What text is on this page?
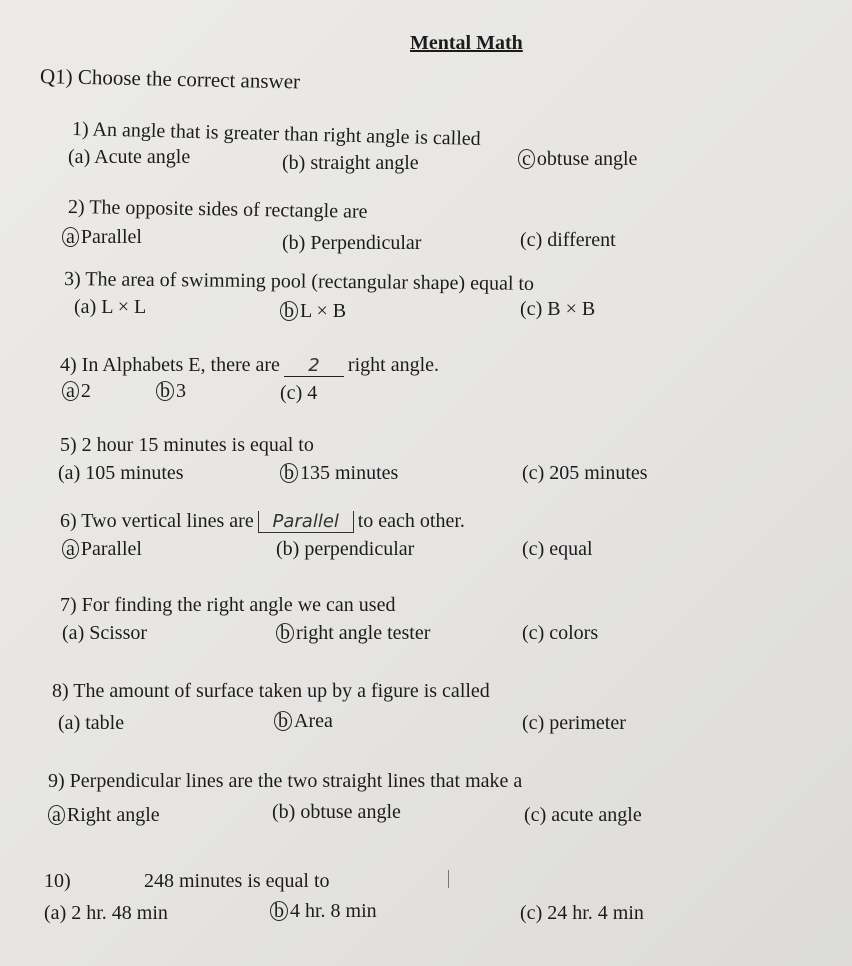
Mental Math
Q1) Choose the correct answer
1) An angle that is greater than right angle is called
(a) Acute angle	(b) straight angle	c obtuse angle
2) The opposite sides of rectangle are
a Parallel	(b) Perpendicular	(c) different
3) The area of swimming pool (rectangular shape) equal to
(a) L × L	b L × B	(c) B × B
4) In Alphabets E, there are 2 right angle.
a 2	b 3	(c) 4
5) 2 hour 15 minutes is equal to
(a) 105 minutes	b 135 minutes	(c) 205 minutes
6) Two vertical lines are Parallel to each other.
a Parallel	(b) perpendicular	(c) equal
7) For finding the right angle we can used
(a) Scissor	b right angle tester	(c) colors
8) The amount of surface taken up by a figure is called
(a) table	b Area	(c) perimeter
9) Perpendicular lines are the two straight lines that make a
a Right angle	(b) obtuse angle	(c) acute angle
10)	248 minutes is equal to
(a) 2 hr. 48 min	b 4 hr. 8 min	(c) 24 hr. 4 min
